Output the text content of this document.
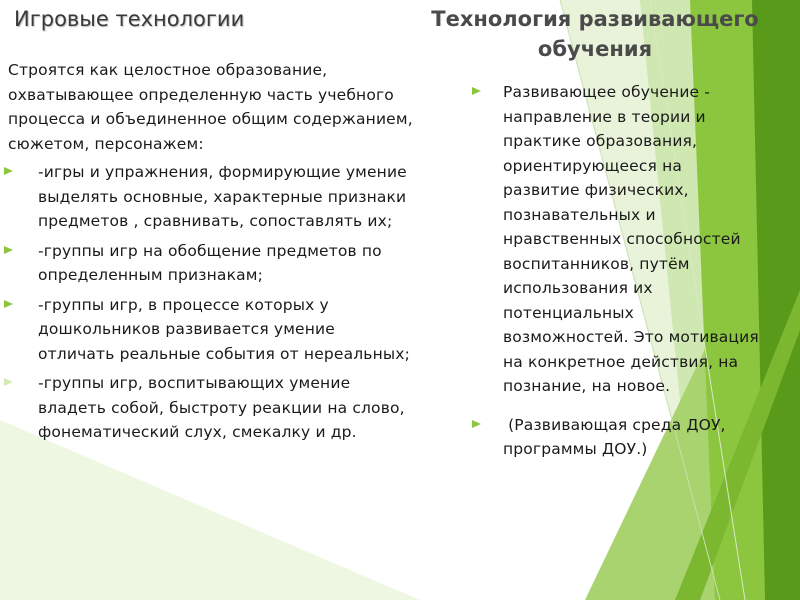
Игровые технологии	Технология развивающего обучения

Строятся как целостное образование, охватывающее определенную часть учебного процесса и объединенное общим содержанием, сюжетом, персонажем:

-игры и упражнения, формирующие умение выделять основные, характерные признаки предметов , сравнивать, сопоставлять их;
-группы игр на обобщение предметов по определенным признакам;
-группы игр, в процессе которых у дошкольников развивается умение отличать реальные события от нереальных;
-группы игр, воспитывающих умение владеть собой, быстроту реакции на слово, фонематический слух, смекалку и др.
Развивающее обучение - направление в теории и практике образования, ориентирующееся на развитие физических, познавательных и нравственных способностей воспитанников, путём использования их потенциальных возможностей. Это мотивация на конкретное действия, на познание, на новое.
(Развивающая среда ДОУ, программы ДОУ.)
